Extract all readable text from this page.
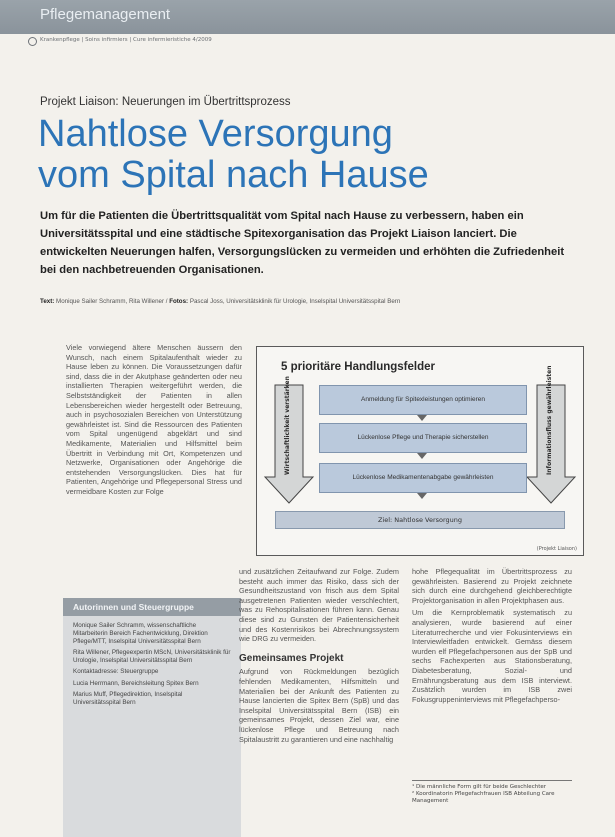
Pflegemanagement
Krankenpflege | Soins infirmiers | Cure infermieristiche 4/2009
Projekt Liaison: Neuerungen im Übertrittsprozess
Nahtlose Versorgung
vom Spital nach Hause
Um für die Patienten die Übertrittsqualität vom Spital nach Hause zu verbessern, haben ein Universitätsspital und eine städtische Spitexorganisation das Projekt Liaison lanciert. Die entwickelten Neuerungen halfen, Versorgungslücken zu vermeiden und erhöhten die Zufriedenheit bei den nachbetreuenden Organisationen.
Text: Monique Sailer Schramm, Rita Willener / Fotos: Pascal Joss, Universitätsklinik für Urologie, Inselspital Universitätsspital Bern

Viele vorwiegend ältere Menschen äussern den Wunsch, nach einem Spitalaufenthalt wieder zu Hause leben zu können. Die Voraussetzungen dafür sind, dass die in der Akutphase geänderten oder neu installierten Therapien weitergeführt werden, die Selbstständigkeit der Patienten in allen Lebensbereichen wieder hergestellt oder Betreuung, auch in psychosozialen Bereichen von Unterstützung gewährleistet ist. Sind die Ressourcen des Patienten vom Spital ungenügend abgeklärt und sind Medikamente, Materialien und Hilfsmittel beim Übertritt in Verbindung mit Ort, Kompetenzen und Netzwerke, Organisationen oder Angehörige die entstehenden Versorgungslücken. Dies hat für Patienten, Angehörige und Pflegepersonal Stress und vermeidbare Kosten zur Folge

5 prioritäre Handlungsfelder
Anmeldung für Spitexleistungen optimieren
Lückenlose Pflege und Therapie sicherstellen
Lückenlose Medikamentenabgabe gewährleisten
Wirtschaftlichkeit verstärken	Informationsfluss gewährleisten
Ziel: Nahtlose Versorgung
(Projekt Liaison)
Autorinnen und Steuergruppe

Monique Sailer Schramm, wissenschaftliche Mitarbeiterin Bereich Fachentwicklung, Direktion Pflege/MTT, Inselspital Universitätsspital Bern

Rita Willener, Pflegeexpertin MScN, Universitätsklinik für Urologie, Inselspital Universitätsspital Bern

Kontaktadresse: Steuergruppe

Lucia Herrmann, Bereichsleitung Spitex Bern

Marius Muff, Pflegedirektion, Inselspital Universitätsspital Bern

und zusätzlichen Zeitaufwand zur Folge. Zudem besteht auch immer das Risiko, dass sich der Gesundheitszustand von frisch aus dem Spital ausgetretenen Patienten wieder verschlechtert, was zu Rehospitalisationen führen kann. Genau diese sind zu Gunsten der Patientensicherheit und des Kostenrisikos bei Abrechnungssystem wie DRG zu vermeiden.

Gemeinsames Projekt

Aufgrund von Rückmeldungen bezüglich fehlenden Medikamenten, Hilfsmitteln und Materialien bei der Ankunft des Patienten zu Hause lancierten die Spitex Bern (SpB) und das Inselspital Universitätsspital Bern (ISB) ein gemeinsames Projekt, dessen Ziel war, eine lückenlose Pflege und Betreuung nach Spitalaustritt zu garantieren und eine nachhaltig

hohe Pflegequalität im Übertrittsprozess zu gewährleisten. Basierend zu Projekt zeichnete sich durch eine durchgehend gleichberechtigte Projektorganisation in allen Projektphasen aus.

Um die Kernproblematik systematisch zu analysieren, wurde basierend auf einer Literaturrecherche und vier Fokusinterviews ein Interviewleitfaden entwickelt. Gemäss diesem wurden elf Pflegefachpersonen aus der SpB und sechs Fachexperten aus Stationsberatung, Diabetesberatung, Sozial- und Ernährungsberatung aus dem ISB interviewt. Zusätzlich wurden im ISB zwei Fokusgruppeninterviews mit Pflegefachperso-

¹ Die männliche Form gilt für beide Geschlechter

² Koordinatorin Pflegefachfrauen ISB Abteilung Care Management
